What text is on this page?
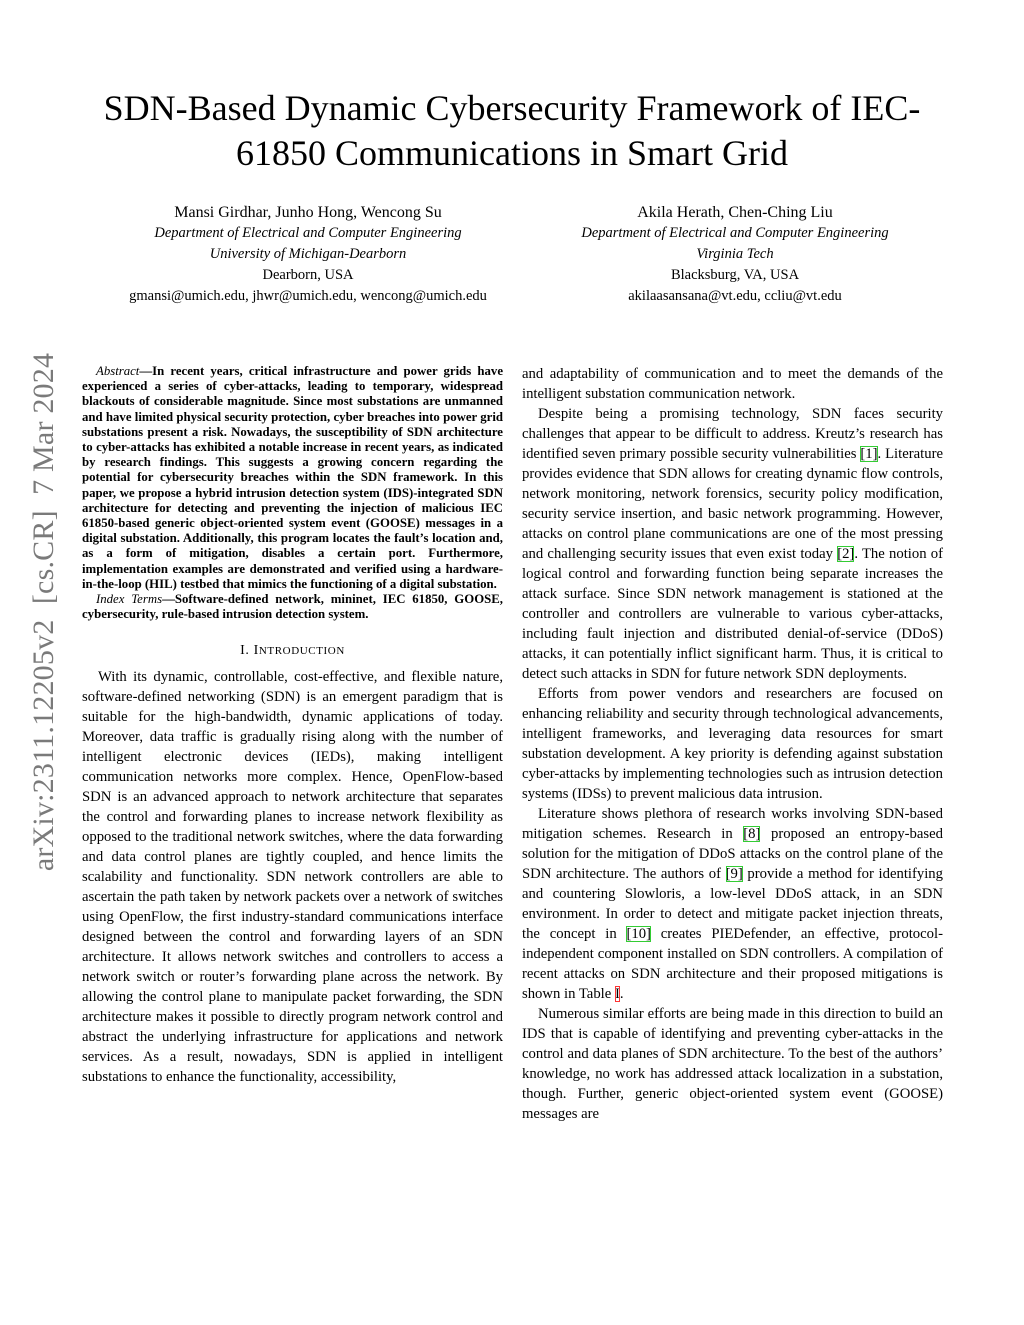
SDN-Based Dynamic Cybersecurity Framework of IEC-61850 Communications in Smart Grid
Mansi Girdhar, Junho Hong, Wencong Su
Department of Electrical and Computer Engineering
University of Michigan-Dearborn
Dearborn, USA
gmansi@umich.edu, jhwr@umich.edu, wencong@umich.edu
Akila Herath, Chen-Ching Liu
Department of Electrical and Computer Engineering
Virginia Tech
Blacksburg, VA, USA
akilaasansana@vt.edu, ccliu@vt.edu
arXiv:2311.12205v2  [cs.CR]  7 Mar 2024	Abstract—In recent years, critical infrastructure and power grids have experienced a series of cyber-attacks, leading to temporary, widespread blackouts of considerable magnitude. Since most substations are unmanned and have limited physical security protection, cyber breaches into power grid substations present a risk. Nowadays, the susceptibility of SDN architecture to cyber-attacks has exhibited a notable increase in recent years, as indicated by research findings. This suggests a growing concern regarding the potential for cybersecurity breaches within the SDN framework. In this paper, we propose a hybrid intrusion detection system (IDS)-integrated SDN architecture for detecting and preventing the injection of malicious IEC 61850-based generic object-oriented system event (GOOSE) messages in a digital substation. Additionally, this program locates the fault’s location and, as a form of mitigation, disables a certain port. Furthermore, implementation examples are demonstrated and verified using a hardware-in-the-loop (HIL) testbed that mimics the functioning of a digital substation.
Index Terms—Software-defined network, mininet, IEC 61850, GOOSE, cybersecurity, rule-based intrusion detection system.
I. INTRODUCTION

With its dynamic, controllable, cost-effective, and flexible nature, software-defined networking (SDN) is an emergent paradigm that is suitable for the high-bandwidth, dynamic applications of today. Moreover, data traffic is gradually rising along with the number of intelligent electronic devices (IEDs), making intelligent communication networks more complex. Hence, OpenFlow-based SDN is an advanced approach to network architecture that separates the control and forwarding planes to increase network flexibility as opposed to the traditional network switches, where the data forwarding and data control planes are tightly coupled, and hence limits the scalability and functionality. SDN network controllers are able to ascertain the path taken by network packets over a network of switches using OpenFlow, the first industry-standard communications interface designed between the control and forwarding layers of an SDN architecture. It allows network switches and controllers to access a network switch or router’s forwarding plane across the network. By allowing the control plane to manipulate packet forwarding, the SDN architecture makes it possible to directly program network control and abstract the underlying infrastructure for applications and network services. As a result, nowadays, SDN is applied in intelligent substations to enhance the functionality, accessibility,

and adaptability of communication and to meet the demands of the intelligent substation communication network.

Despite being a promising technology, SDN faces security challenges that appear to be difficult to address. Kreutz’s research has identified seven primary possible security vulnerabilities [1]. Literature provides evidence that SDN allows for creating dynamic flow controls, network monitoring, network forensics, security policy modification, security service insertion, and basic network programming. However, attacks on control plane communications are one of the most pressing and challenging security issues that even exist today [2]. The notion of logical control and forwarding function being separate increases the attack surface. Since SDN network management is stationed at the controller and controllers are vulnerable to various cyber-attacks, including fault injection and distributed denial-of-service (DDoS) attacks, it can potentially inflict significant harm. Thus, it is critical to detect such attacks in SDN for future network SDN deployments.

Efforts from power vendors and researchers are focused on enhancing reliability and security through technological advancements, intelligent frameworks, and leveraging data resources for smart substation development. A key priority is defending against substation cyber-attacks by implementing technologies such as intrusion detection systems (IDSs) to prevent malicious data intrusion.

Literature shows plethora of research works involving SDN-based mitigation schemes. Research in [8] proposed an entropy-based solution for the mitigation of DDoS attacks on the control plane of the SDN architecture. The authors of [9] provide a method for identifying and countering Slowloris, a low-level DDoS attack, in an SDN environment. In order to detect and mitigate packet injection threats, the concept in [10] creates PIEDefender, an effective, protocol-independent component installed on SDN controllers. A compilation of recent attacks on SDN architecture and their proposed mitigations is shown in Table I.

Numerous similar efforts are being made in this direction to build an IDS that is capable of identifying and preventing cyber-attacks in the control and data planes of SDN architecture. To the best of the authors’ knowledge, no work has addressed attack localization in a substation, though. Further, generic object-oriented system event (GOOSE) messages are
